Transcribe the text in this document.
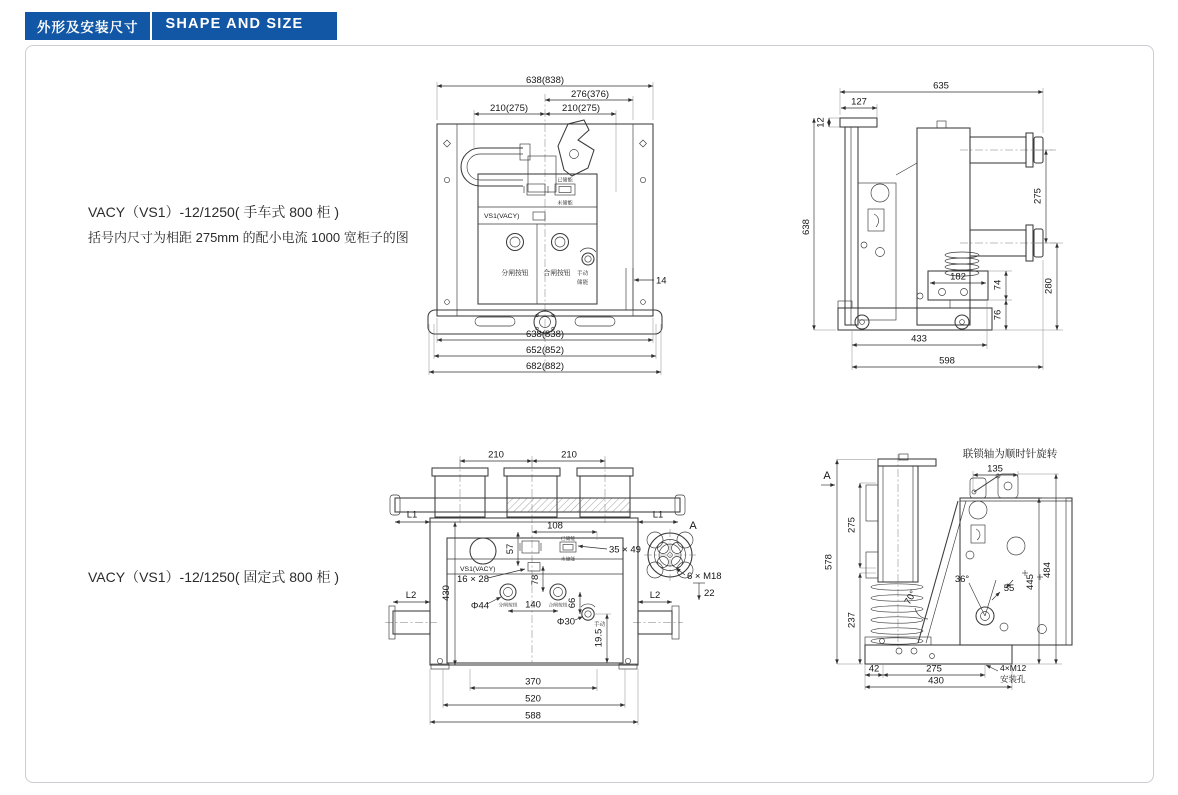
外形及安装尺寸	SHAPE AND SIZE
VACY（VS1）-12/1250( 手车式 800 柜 )
括号内尺寸为相距 275mm 的配小电流 1000 宽柜子的图
VACY（VS1）-12/1250( 固定式 800 柜 )
638(838)
276(376)
210(275)	210(275)
已储能
未储能
VS1(VACY)
分闸按钮 合闸按钮 手动
储能	14
638(838)
652(852)
682(882)
635
127
12
638
182
275
280
74
76
433
598
210	210
L1	L1
A
已储能
未储能
108
57	35 × 49
VS1(VACY)
16 × 28	78
Φ44 分闸按钮 140 合闸按钮 66
Φ30	手动
19.5
430
L2	L2
370
520
588
6 × M18
22
联锁轴为顺时针旋转
135
A
578
275
237
70°
36°
55 445
484
42	275
430
4×M12
安装孔
